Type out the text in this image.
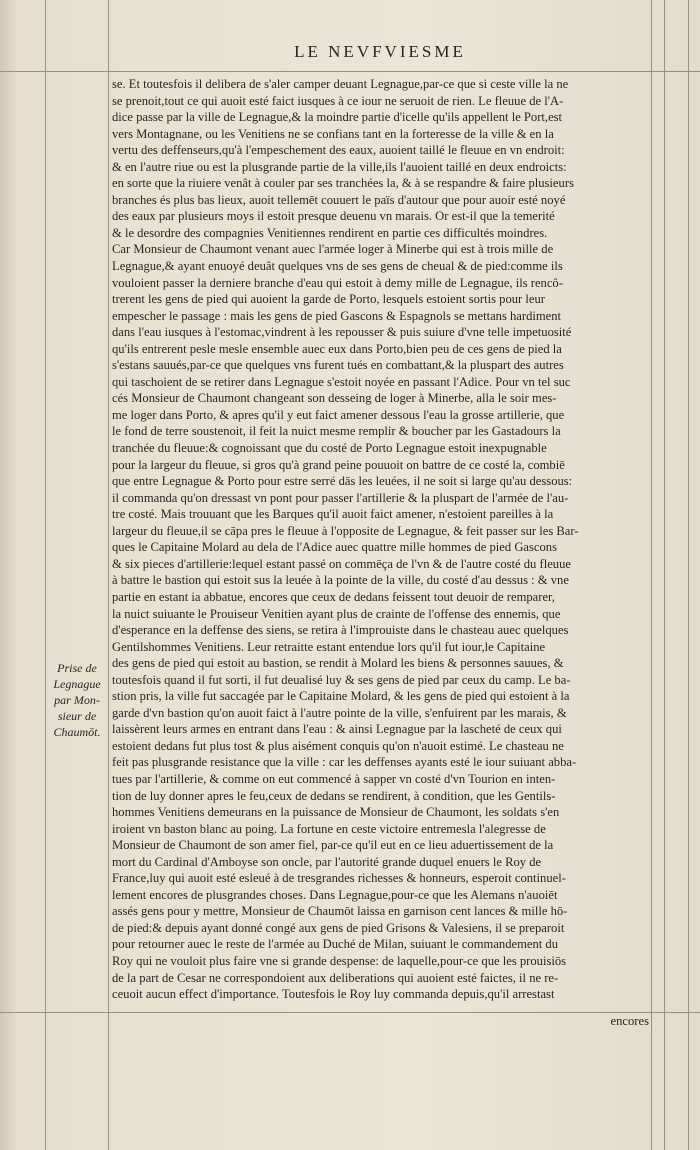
LE NEVFVIESME
se. Et toutesfois il delibera de s'aler camper deuant Legnague,par-ce que si ceste ville la ne
se prenoit,tout ce qui auoit esté faict iusques à ce iour ne seruoit de rien. Le fleuue de l'A-
dice passe par la ville de Legnague,& la moindre partie d'icelle qu'ils appellent le Port,est
vers Montagnane, ou les Venitiens ne se confians tant en la forteresse de la ville & en la
vertu des deffenseurs,qu'à l'empeschement des eaux, auoient taillé le fleuue en vn endroit:
& en l'autre riue ou est la plusgrande partie de la ville,ils l'auoient taillé en deux endroicts:
en sorte que la riuiere venât à couler par ses tranchées la, & à se respandre & faire plusieurs
branches és plus bas lieux, auoit tellemēt couuert le païs d'autour que pour auoir esté noyé
des eaux par plusieurs moys il estoit presque deuenu vn marais. Or est-il que la temerité
& le desordre des compagnies Venitiennes rendirent en partie ces difficultés moindres.
Car Monsieur de Chaumont venant auec l'armée loger à Minerbe qui est à trois mille de
Legnague,& ayant enuoyé deuât quelques vns de ses gens de cheual & de pied:comme ils
vouloient passer la derniere branche d'eau qui estoit à demy mille de Legnague, ils rencô-
trerent les gens de pied qui auoient la garde de Porto, lesquels estoient sortis pour leur
empescher le passage : mais les gens de pied Gascons & Espagnols se mettans hardiment
dans l'eau iusques à l'estomac,vindrent à les repousser & puis suiure d'vne telle impetuosité
qu'ils entrerent pesle mesle ensemble auec eux dans Porto,bien peu de ces gens de pied la
s'estans sauués,par-ce que quelques vns furent tués en combattant,& la pluspart des autres
qui taschoient de se retirer dans Legnague s'estoit noyée en passant l'Adice. Pour vn tel suc
cés Monsieur de Chaumont changeant son desseing de loger à Minerbe, alla le soir mes-
me loger dans Porto, & apres qu'il y eut faict amener dessous l'eau la grosse artillerie, que
le fond de terre soustenoit, il feit la nuict mesme remplir & boucher par les Gastadours la
tranchée du fleuue:& cognoissant que du costé de Porto Legnague estoit inexpugnable
pour la largeur du fleuue, si gros qu'à grand peine pouuoit on battre de ce costé la, combiē
que entre Legnague & Porto pour estre serré dās les leuées, il ne soit si large qu'au dessous:
il commanda qu'on dressast vn pont pour passer l'artillerie & la pluspart de l'armée de l'au-
tre costé. Mais trouuant que les Barques qu'il auoit faict amener, n'estoient pareilles à la
largeur du fleuue,il se cāpa pres le fleuue à l'opposite de Legnague, & feit passer sur les Bar-
ques le Capitaine Molard au dela de l'Adice auec quattre mille hommes de pied Gascons
& six pieces d'artillerie:lequel estant passé on commēça de l'vn & de l'autre costé du fleuue
à battre le bastion qui estoit sus la leuée à la pointe de la ville, du costé d'au dessus : & vne
partie en estant ia abbatue, encores que ceux de dedans feissent tout deuoir de remparer,
la nuict suiuante le Prouiseur Venitien ayant plus de crainte de l'offense des ennemis, que
d'esperance en la deffense des siens, se retira à l'improuiste dans le chasteau auec quelques
Gentilshommes Venitiens. Leur retraitte estant entendue lors qu'il fut iour,le Capitaine
des gens de pied qui estoit au bastion, se rendit à Molard les biens & personnes sauues, &
toutesfois quand il fut sorti, il fut deualisé luy & ses gens de pied par ceux du camp. Le ba-
stion pris, la ville fut saccagée par le Capitaine Molard, & les gens de pied qui estoient à la
garde d'vn bastion qu'on auoit faict à l'autre pointe de la ville, s'enfuirent par les marais, &
laissèrent leurs armes en entrant dans l'eau : & ainsi Legnague par la lascheté de ceux qui
estoient dedans fut plus tost & plus aisément conquis qu'on n'auoit estimé. Le chasteau ne
feit pas plusgrande resistance que la ville : car les deffenses ayants esté le iour suiuant abba-
tues par l'artillerie, & comme on eut commencé à sapper vn costé d'vn Tourion en inten-
tion de luy donner apres le feu,ceux de dedans se rendirent, à condition, que les Gentils-
hommes Venitiens demeurans en la puissance de Monsieur de Chaumont, les soldats s'en
iroient vn baston blanc au poing. La fortune en ceste victoire entremesla l'alegresse de
Monsieur de Chaumont de son amer fiel, par-ce qu'il eut en ce lieu aduertissement de la
mort du Cardinal d'Amboyse son oncle, par l'autorité grande duquel enuers le Roy de
France,luy qui auoit esté esleué à de tresgrandes richesses & honneurs, esperoit continuel-
lement encores de plusgrandes choses. Dans Legnague,pour-ce que les Alemans n'auoiēt
assés gens pour y mettre, Monsieur de Chaumōt laissa en garnison cent lances & mille hō-
de pied:& depuis ayant donné congé aux gens de pied Grisons & Valesiens, il se preparoit
pour retourner auec le reste de l'armée au Duché de Milan, suiuant le commandement du
Roy qui ne vouloit plus faire vne si grande despense: de laquelle,pour-ce que les prouisiōs
de la part de Cesar ne correspondoient aux deliberations qui auoient esté faictes, il ne re-
ceuoit aucun effect d'importance. Toutesfois le Roy luy commanda depuis,qu'il arrestast
Prise de
Legnague
par Mon-
sieur de
Chaumōt.
encores
